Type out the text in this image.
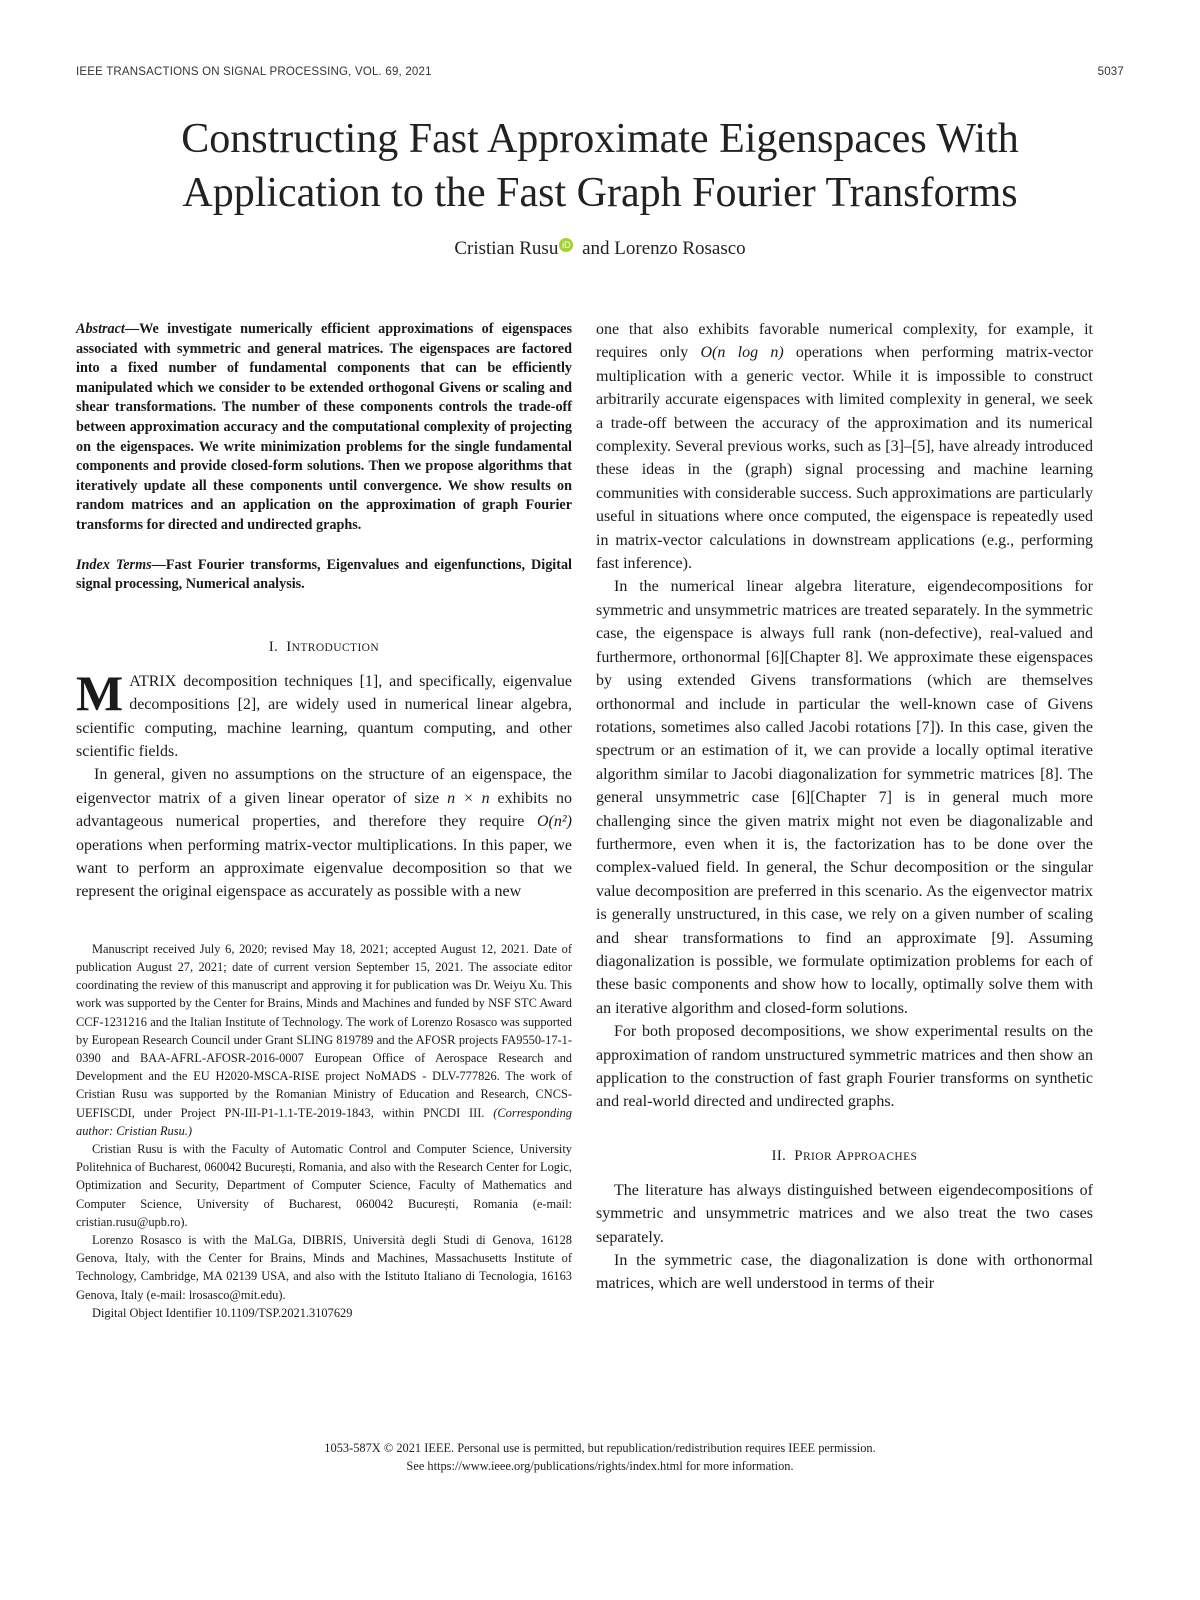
IEEE TRANSACTIONS ON SIGNAL PROCESSING, VOL. 69, 2021	5037
Constructing Fast Approximate Eigenspaces With
Application to the Fast Graph Fourier Transforms
Cristian Rusu iD and Lorenzo Rosasco

Abstract—We investigate numerically efficient approximations of eigenspaces associated with symmetric and general matrices. The eigenspaces are factored into a fixed number of fundamental components that can be efficiently manipulated which we consider to be extended orthogonal Givens or scaling and shear transformations. The number of these components controls the trade-off between approximation accuracy and the computational complexity of projecting on the eigenspaces. We write minimization problems for the single fundamental components and provide closed-form solutions. Then we propose algorithms that iteratively update all these components until convergence. We show results on random matrices and an application on the approximation of graph Fourier transforms for directed and undirected graphs.

Index Terms—Fast Fourier transforms, Eigenvalues and eigenfunctions, Digital signal processing, Numerical analysis.

I. INTRODUCTION

MATRIX decomposition techniques [1], and specifically, eigenvalue decompositions [2], are widely used in numerical linear algebra, scientific computing, machine learning, quantum computing, and other scientific fields.

In general, given no assumptions on the structure of an eigenspace, the eigenvector matrix of a given linear operator of size n × n exhibits no advantageous numerical properties, and therefore they require O(n²) operations when performing matrix-vector multiplications. In this paper, we want to perform an approximate eigenvalue decomposition so that we represent the original eigenspace as accurately as possible with a new

Manuscript received July 6, 2020; revised May 18, 2021; accepted August 12, 2021. Date of publication August 27, 2021; date of current version September 15, 2021. The associate editor coordinating the review of this manuscript and approving it for publication was Dr. Weiyu Xu. This work was supported by the Center for Brains, Minds and Machines and funded by NSF STC Award CCF-1231216 and the Italian Institute of Technology. The work of Lorenzo Rosasco was supported by European Research Council under Grant SLING 819789 and the AFOSR projects FA9550-17-1-0390 and BAA-AFRL-AFOSR-2016-0007 European Office of Aerospace Research and Development and the EU H2020-MSCA-RISE project NoMADS - DLV-777826. The work of Cristian Rusu was supported by the Romanian Ministry of Education and Research, CNCS-UEFISCDI, under Project PN-III-P1-1.1-TE-2019-1843, within PNCDI III. (Corresponding author: Cristian Rusu.)

Cristian Rusu is with the Faculty of Automatic Control and Computer Science, University Politehnica of Bucharest, 060042 București, Romania, and also with the Research Center for Logic, Optimization and Security, Department of Computer Science, Faculty of Mathematics and Computer Science, University of Bucharest, 060042 București, Romania (e-mail: cristian.rusu@upb.ro).

Lorenzo Rosasco is with the MaLGa, DIBRIS, Università degli Studi di Genova, 16128 Genova, Italy, with the Center for Brains, Minds and Machines, Massachusetts Institute of Technology, Cambridge, MA 02139 USA, and also with the Istituto Italiano di Tecnologia, 16163 Genova, Italy (e-mail: lrosasco@mit.edu).

Digital Object Identifier 10.1109/TSP.2021.3107629

one that also exhibits favorable numerical complexity, for example, it requires only O(n log n) operations when performing matrix-vector multiplication with a generic vector. While it is impossible to construct arbitrarily accurate eigenspaces with limited complexity in general, we seek a trade-off between the accuracy of the approximation and its numerical complexity. Several previous works, such as [3]–[5], have already introduced these ideas in the (graph) signal processing and machine learning communities with considerable success. Such approximations are particularly useful in situations where once computed, the eigenspace is repeatedly used in matrix-vector calculations in downstream applications (e.g., performing fast inference).

In the numerical linear algebra literature, eigendecompositions for symmetric and unsymmetric matrices are treated separately. In the symmetric case, the eigenspace is always full rank (non-defective), real-valued and furthermore, orthonormal [6][Chapter 8]. We approximate these eigenspaces by using extended Givens transformations (which are themselves orthonormal and include in particular the well-known case of Givens rotations, sometimes also called Jacobi rotations [7]). In this case, given the spectrum or an estimation of it, we can provide a locally optimal iterative algorithm similar to Jacobi diagonalization for symmetric matrices [8]. The general unsymmetric case [6][Chapter 7] is in general much more challenging since the given matrix might not even be diagonalizable and furthermore, even when it is, the factorization has to be done over the complex-valued field. In general, the Schur decomposition or the singular value decomposition are preferred in this scenario. As the eigenvector matrix is generally unstructured, in this case, we rely on a given number of scaling and shear transformations to find an approximate [9]. Assuming diagonalization is possible, we formulate optimization problems for each of these basic components and show how to locally, optimally solve them with an iterative algorithm and closed-form solutions.

For both proposed decompositions, we show experimental results on the approximation of random unstructured symmetric matrices and then show an application to the construction of fast graph Fourier transforms on synthetic and real-world directed and undirected graphs.

II. PRIOR APPROACHES

The literature has always distinguished between eigendecompositions of symmetric and unsymmetric matrices and we also treat the two cases separately.

In the symmetric case, the diagonalization is done with orthonormal matrices, which are well understood in terms of their

1053-587X © 2021 IEEE. Personal use is permitted, but republication/redistribution requires IEEE permission.
See https://www.ieee.org/publications/rights/index.html for more information.
